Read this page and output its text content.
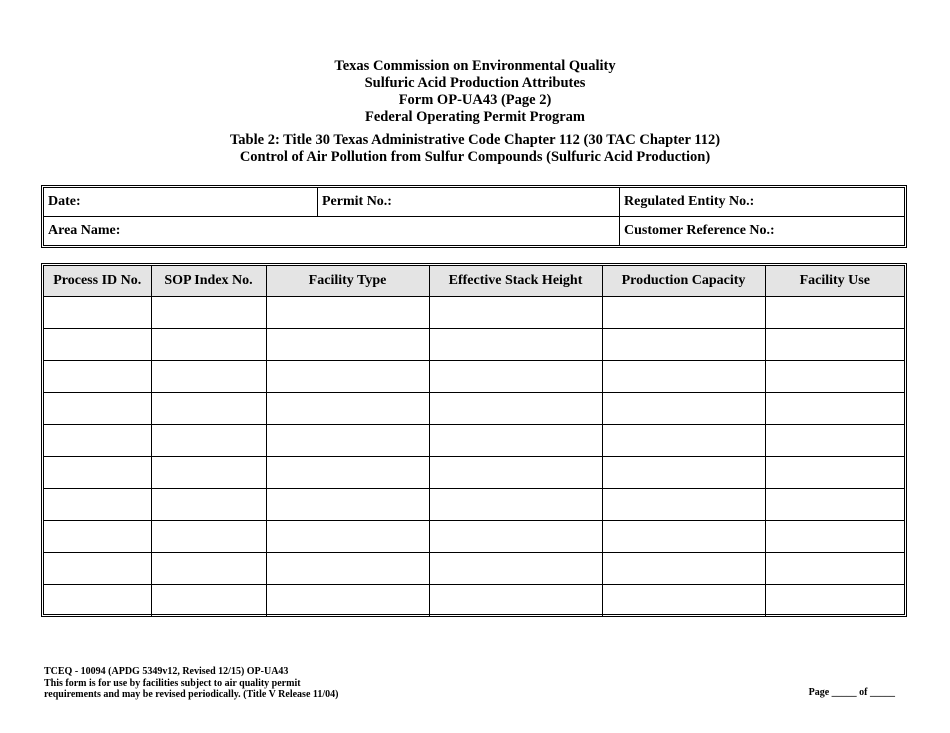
Texas Commission on Environmental Quality
Sulfuric Acid Production Attributes
Form OP-UA43 (Page 2)
Federal Operating Permit Program
Table 2: Title 30 Texas Administrative Code Chapter 112 (30 TAC Chapter 112)
Control of Air Pollution from Sulfur Compounds (Sulfuric Acid Production)
Date:	Permit No.:	Regulated Entity No.:
Area Name:	Customer Reference No.:
Process ID No.	SOP Index No.	Facility Type	Effective Stack Height	Production Capacity	Facility Use

TCEQ - 10094 (APDG 5349v12, Revised 12/15) OP-UA43
This form is for use by facilities subject to air quality permit
requirements and may be revised periodically. (Title V Release 11/04)	Page _____ of _____
